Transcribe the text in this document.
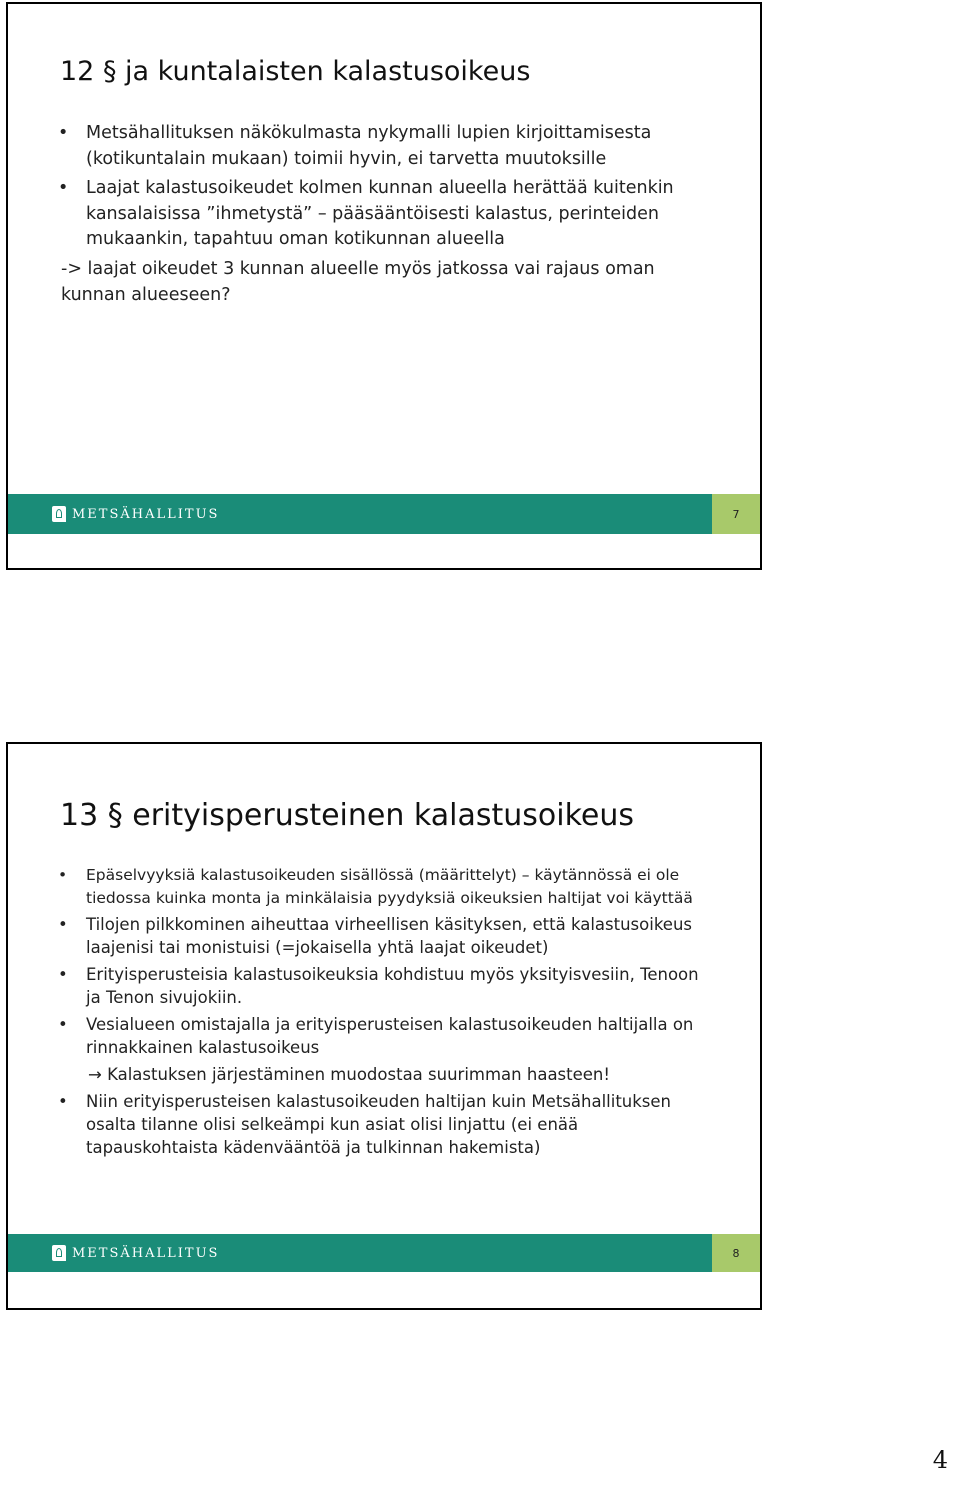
12 § ja kuntalaisten kalastusoikeus
• Metsähallituksen näkökulmasta nykymalli lupien kirjoittamisesta (kotikuntalain mukaan) toimii hyvin, ei tarvetta muutoksille
• Laajat kalastusoikeudet kolmen kunnan alueella herättää kuitenkin kansalaisissa ”ihmetystä” – pääsääntöisesti kalastus, perinteiden mukaankin, tapahtuu oman kotikunnan alueella
-> laajat oikeudet 3 kunnan alueelle myös jatkossa vai rajaus oman kunnan alueeseen?
METSÄHALLITUS	7
13 § erityisperusteinen kalastusoikeus
• Epäselvyyksiä kalastusoikeuden sisällössä (määrittelyt) – käytännössä ei ole tiedossa kuinka monta ja minkälaisia pyydyksiä oikeuksien haltijat voi käyttää
• Tilojen pilkkominen aiheuttaa virheellisen käsityksen, että kalastusoikeus laajenisi tai monistuisi (=jokaisella yhtä laajat oikeudet)
• Erityisperusteisia kalastusoikeuksia kohdistuu myös yksityisvesiin, Tenoon ja Tenon sivujokiin.
• Vesialueen omistajalla ja erityisperusteisen kalastusoikeuden haltijalla on rinnakkainen kalastusoikeus
→ Kalastuksen järjestäminen muodostaa suurimman haasteen!
• Niin erityisperusteisen kalastusoikeuden haltijan kuin Metsähallituksen osalta tilanne olisi selkeämpi kun asiat olisi linjattu (ei enää tapauskohtaista kädenvääntöä ja tulkinnan hakemista)
METSÄHALLITUS	8
4
